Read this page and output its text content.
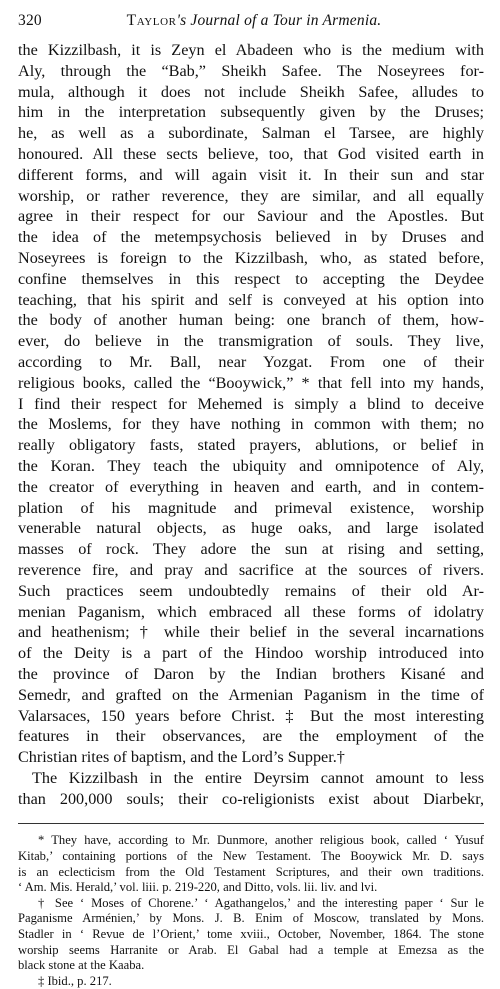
320	Taylor's Journal of a Tour in Armenia.
the Kizzilbash, it is Zeyn el Abadeen who is the medium with
Aly, through the “Bab,” Sheikh Safee. The Noseyrees for-
mula, although it does not include Sheikh Safee, alludes to
him in the interpretation subsequently given by the Druses;
he, as well as a subordinate, Salman el Tarsee, are highly
honoured. All these sects believe, too, that God visited earth in
different forms, and will again visit it. In their sun and star
worship, or rather reverence, they are similar, and all equally
agree in their respect for our Saviour and the Apostles. But
the idea of the metempsychosis believed in by Druses and
Noseyrees is foreign to the Kizzilbash, who, as stated before,
confine themselves in this respect to accepting the Deydee
teaching, that his spirit and self is conveyed at his option into
the body of another human being: one branch of them, how-
ever, do believe in the transmigration of souls. They live,
according to Mr. Ball, near Yozgat. From one of their
religious books, called the “Booywick,” * that fell into my hands,
I find their respect for Mehemed is simply a blind to deceive
the Moslems, for they have nothing in common with them; no
really obligatory fasts, stated prayers, ablutions, or belief in
the Koran. They teach the ubiquity and omnipotence of Aly,
the creator of everything in heaven and earth, and in contem-
plation of his magnitude and primeval existence, worship
venerable natural objects, as huge oaks, and large isolated
masses of rock. They adore the sun at rising and setting,
reverence fire, and pray and sacrifice at the sources of rivers.
Such practices seem undoubtedly remains of their old Ar-
menian Paganism, which embraced all these forms of idolatry
and heathenism; † while their belief in the several incarnations
of the Deity is a part of the Hindoo worship introduced into
the province of Daron by the Indian brothers Kisané and
Semedr, and grafted on the Armenian Paganism in the time of
Valarsaces, 150 years before Christ. ‡ But the most interesting
features in their observances, are the employment of the
Christian rites of baptism, and the Lord’s Supper.†
The Kizzilbash in the entire Deyrsim cannot amount to less
than 200,000 souls; their co-religionists exist about Diarbekr,
* They have, according to Mr. Dunmore, another religious book, called ‘ Yusuf
Kitab,’ containing portions of the New Testament. The Booywick Mr. D. says
is an eclecticism from the Old Testament Scriptures, and their own traditions.
‘ Am. Mis. Herald,’ vol. liii. p. 219-220, and Ditto, vols. lii. liv. and lvi.
† See ‘ Moses of Chorene.’ ‘ Agathangelos,’ and the interesting paper ‘ Sur le
Paganisme Arménien,’ by Mons. J. B. Enim of Moscow, translated by Mons.
Stadler in ‘ Revue de l’Orient,’ tome xviii., October, November, 1864. The stone
worship seems Harranite or Arab. El Gabal had a temple at Emezsa as the
black stone at the Kaaba.
‡ Ibid., p. 217.
